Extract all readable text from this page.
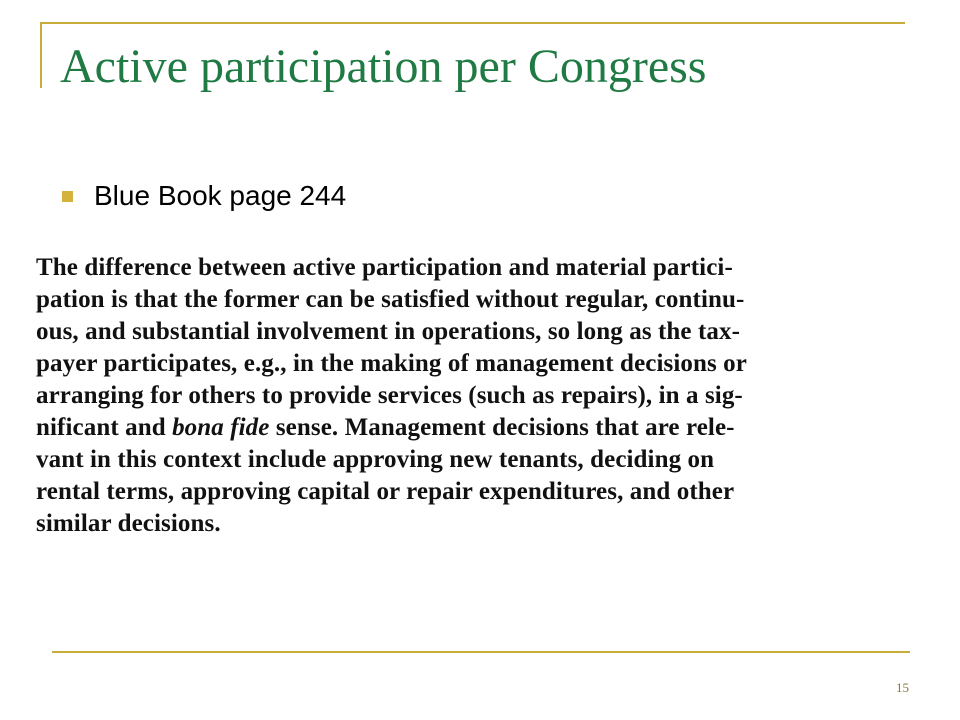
Active participation per Congress
Blue Book page 244
The difference between active participation and material partici-
pation is that the former can be satisfied without regular, continu-
ous, and substantial involvement in operations, so long as the tax-
payer participates, e.g., in the making of management decisions or
arranging for others to provide services (such as repairs), in a sig-
nificant and bona fide sense. Management decisions that are rele-
vant in this context include approving new tenants, deciding on
rental terms, approving capital or repair expenditures, and other
similar decisions.
15
